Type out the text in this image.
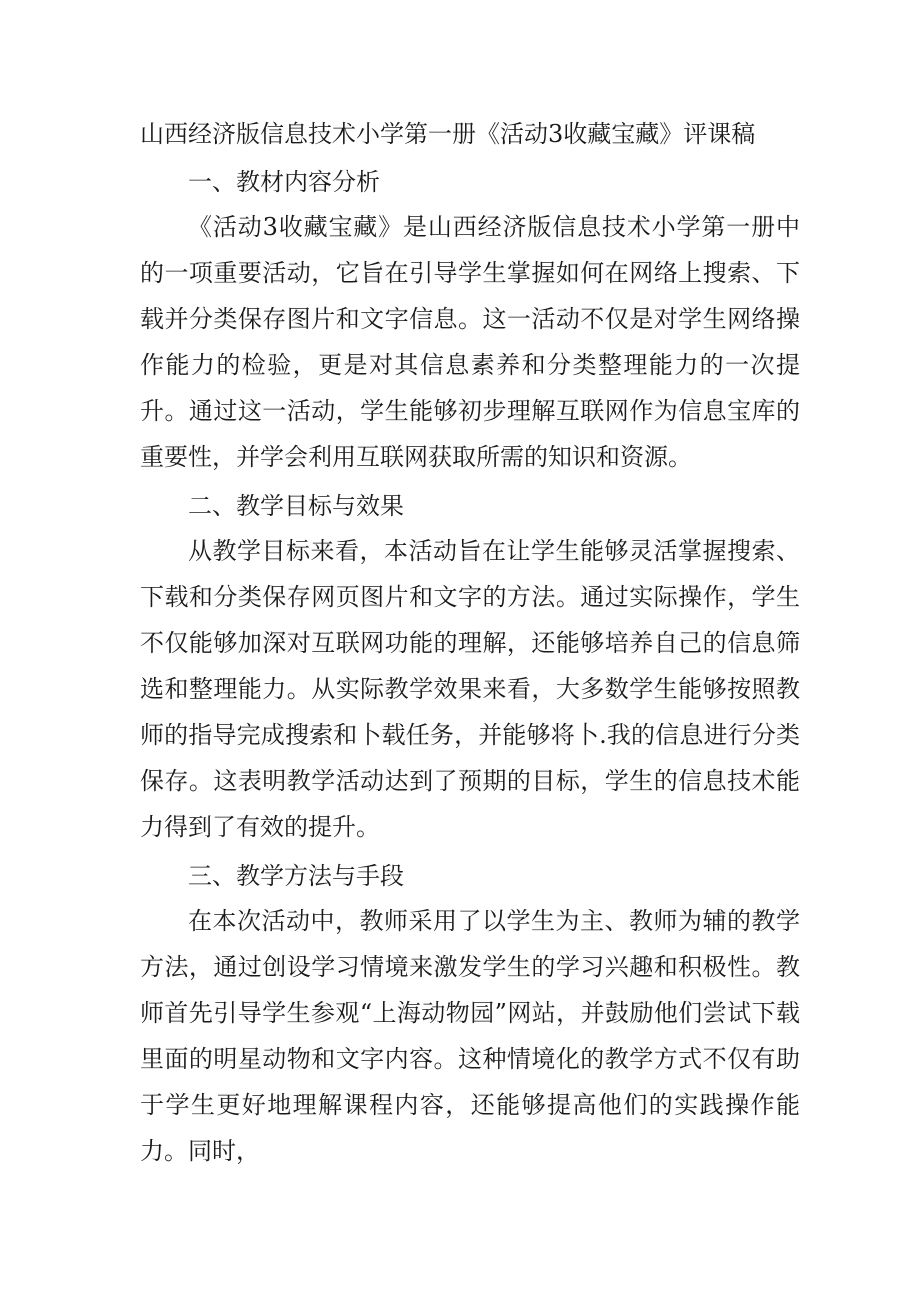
山西经济版信息技术小学第一册《活动3收藏宝藏》评课稿
一、教材内容分析

《活动3收藏宝藏》是山西经济版信息技术小学第一册中的一项重要活动，它旨在引导学生掌握如何在网络上搜索、下载并分类保存图片和文字信息。这一活动不仅是对学生网络操作能力的检验，更是对其信息素养和分类整理能力的一次提升。通过这一活动，学生能够初步理解互联网作为信息宝库的重要性，并学会利用互联网获取所需的知识和资源。

二、教学目标与效果

从教学目标来看，本活动旨在让学生能够灵活掌握搜索、下载和分类保存网页图片和文字的方法。通过实际操作，学生不仅能够加深对互联网功能的理解，还能够培养自己的信息筛选和整理能力。从实际教学效果来看，大多数学生能够按照教师的指导完成搜索和卜载任务，并能够将卜.我的信息进行分类保存。这表明教学活动达到了预期的目标，学生的信息技术能力得到了有效的提升。

三、教学方法与手段

在本次活动中，教师采用了以学生为主、教师为辅的教学方法，通过创设学习情境来激发学生的学习兴趣和积极性。教师首先引导学生参观“上海动物园”网站，并鼓励他们尝试下载里面的明星动物和文字内容。这种情境化的教学方式不仅有助于学生更好地理解课程内容，还能够提高他们的实践操作能力。同时，
